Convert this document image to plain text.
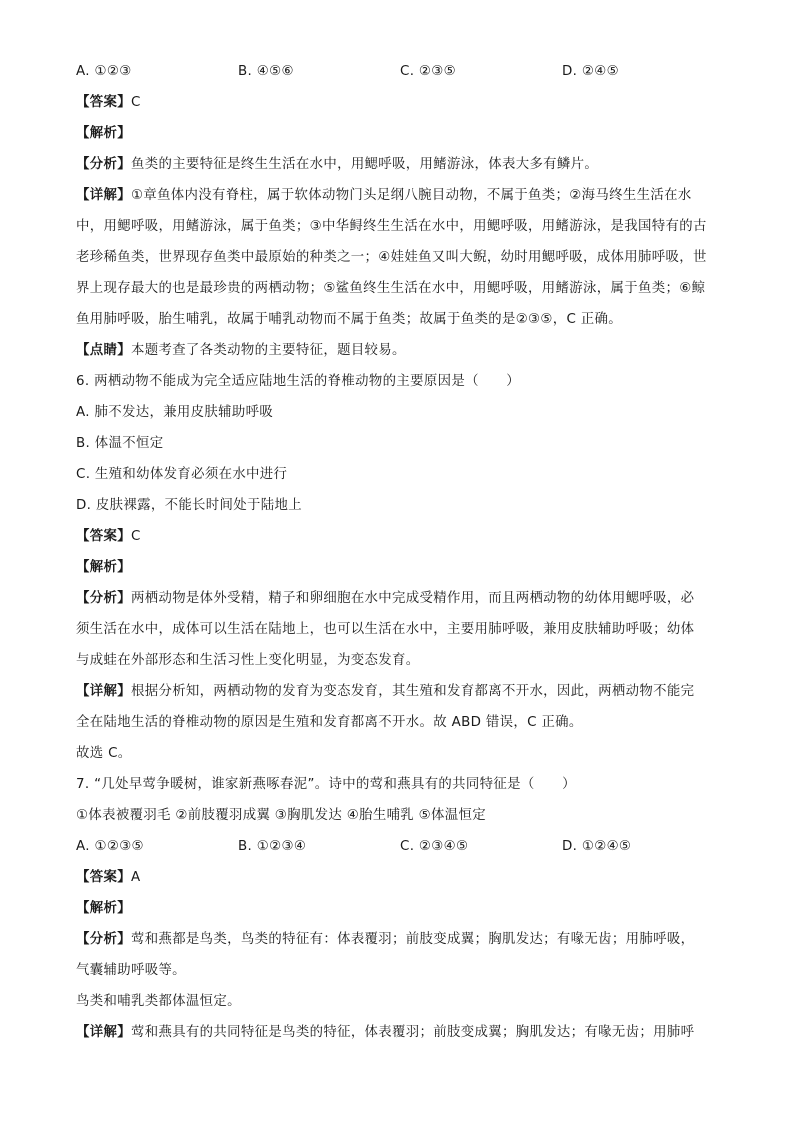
A. ①②③	B. ④⑤⑥	C. ②③⑤	D. ②④⑤
【答案】C
【解析】
【分析】鱼类的主要特征是终生生活在水中，用鳃呼吸，用鳍游泳，体表大多有鳞片。
【详解】①章鱼体内没有脊柱，属于软体动物门头足纲八腕目动物，不属于鱼类；②海马终生生活在水
中，用鳃呼吸，用鳍游泳，属于鱼类；③中华鲟终生生活在水中，用鳃呼吸，用鳍游泳，是我国特有的古
老珍稀鱼类，世界现存鱼类中最原始的种类之一；④娃娃鱼又叫大鲵，幼时用鳃呼吸，成体用肺呼吸，世
界上现存最大的也是最珍贵的两栖动物；⑤鲨鱼终生生活在水中，用鳃呼吸，用鳍游泳，属于鱼类；⑥鲸
鱼用肺呼吸，胎生哺乳，故属于哺乳动物而不属于鱼类；故属于鱼类的是②③⑤，C 正确。
【点睛】本题考查了各类动物的主要特征，题目较易。
6. 两栖动物不能成为完全适应陆地生活的脊椎动物的主要原因是（　　）
A. 肺不发达，兼用皮肤辅助呼吸
B. 体温不恒定
C. 生殖和幼体发育必须在水中进行
D. 皮肤裸露，不能长时间处于陆地上
【答案】C
【解析】
【分析】两栖动物是体外受精，精子和卵细胞在水中完成受精作用，而且两栖动物的幼体用鳃呼吸，必
须生活在水中，成体可以生活在陆地上，也可以生活在水中，主要用肺呼吸，兼用皮肤辅助呼吸；幼体
与成蛙在外部形态和生活习性上变化明显，为变态发育。
【详解】根据分析知，两栖动物的发育为变态发育，其生殖和发育都离不开水，因此，两栖动物不能完
全在陆地生活的脊椎动物的原因是生殖和发育都离不开水。故 ABD 错误，C 正确。
故选 C。
7. “几处早莺争暖树，谁家新燕啄春泥”。诗中的莺和燕具有的共同特征是（　　）
①体表被覆羽毛 ②前肢覆羽成翼 ③胸肌发达 ④胎生哺乳 ⑤体温恒定
A. ①②③⑤	B. ①②③④	C. ②③④⑤	D. ①②④⑤
【答案】A
【解析】
【分析】莺和燕都是鸟类，鸟类的特征有：体表覆羽；前肢变成翼；胸肌发达；有喙无齿；用肺呼吸，
气囊辅助呼吸等。
鸟类和哺乳类都体温恒定。
【详解】莺和燕具有的共同特征是鸟类的特征，体表覆羽；前肢变成翼；胸肌发达；有喙无齿；用肺呼
